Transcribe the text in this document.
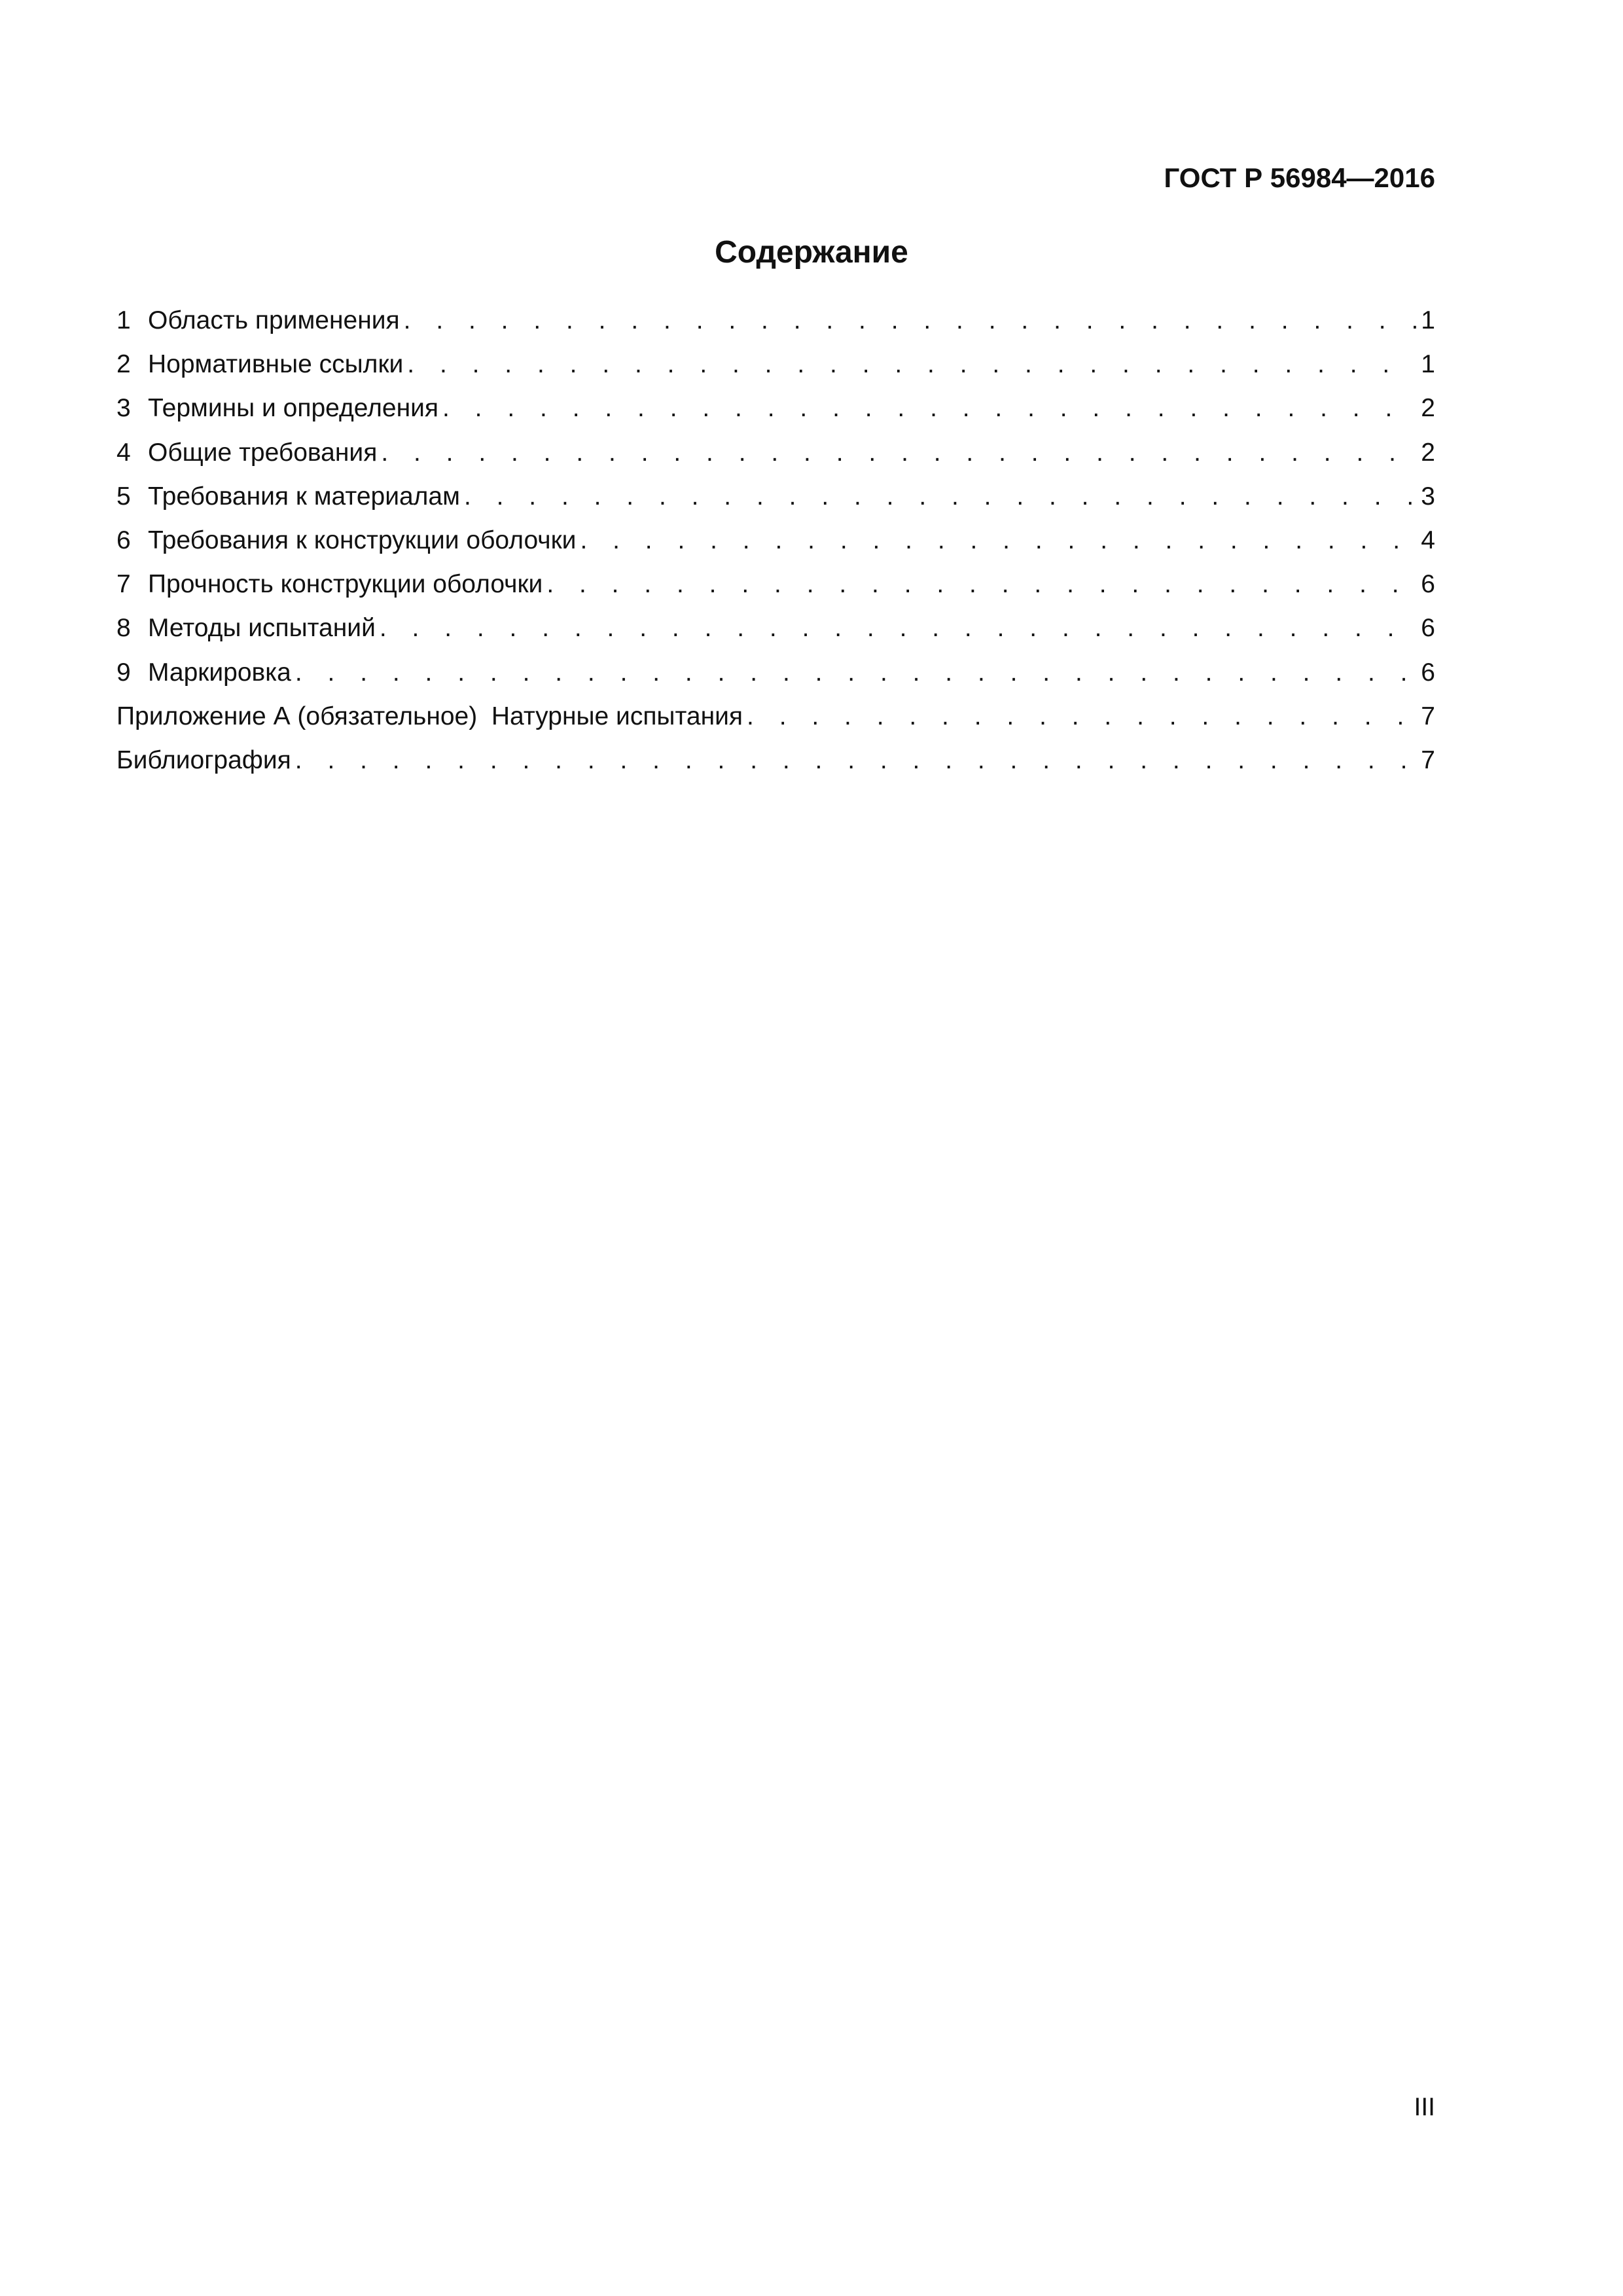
ГОСТ Р 56984—2016
Содержание
1 Область применения . . .	1
2 Нормативные ссылки . . .	1
3 Термины и определения . . .	2
4 Общие требования . . .	2
5 Требования к материалам . . .	3
6 Требования к конструкции оболочки . . .	4
7 Прочность конструкции оболочки . . .	6
8 Методы испытаний . . .	6
9 Маркировка . . .	6
Приложение А (обязательное)  Натурные испытания . . .	7
Библиография . . .	7
III
